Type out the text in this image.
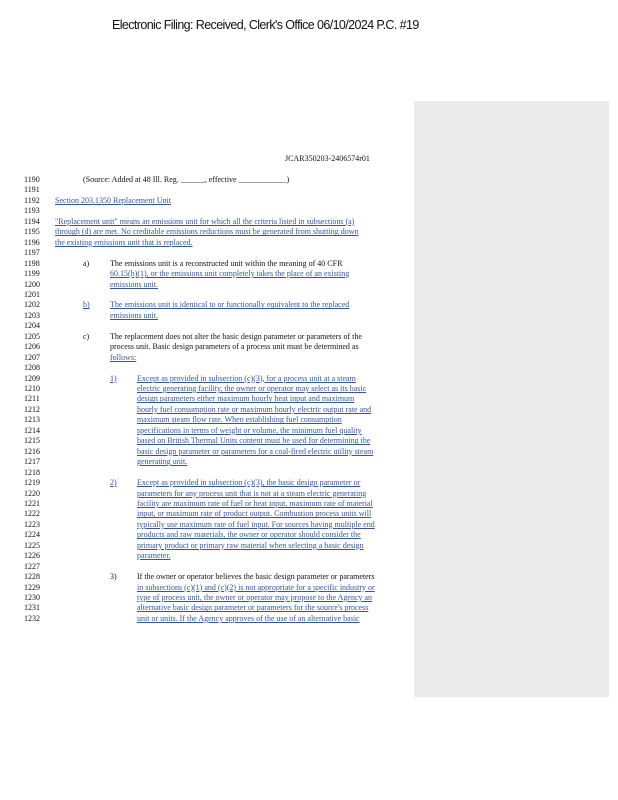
Electronic Filing: Received, Clerk's Office 06/10/2024 P.C. #19
JCAR350203-2406574r01
1190	(Source: Added at 48 Ill. Reg. ______, effective ____________)
1191
1192	Section 203.1350 Replacement Unit
1193
1194	"Replacement unit" means an emissions unit for which all the criteria listed in subsections (a)
1195	through (d) are met. No creditable emissions reductions must be generated from shutting down
1196	the existing emissions unit that is replaced.
1197
1198	a)	The emissions unit is a reconstructed unit within the meaning of 40 CFR
1199	60.15(b)(1), or the emissions unit completely takes the place of an existing
1200	emissions unit.
1201
1202	b)	The emissions unit is identical to or functionally equivalent to the replaced
1203	emissions unit.
1204
1205	c)	The replacement does not alter the basic design parameter or parameters of the
1206	process unit. Basic design parameters of a process unit must be determined as
1207	follows:
1208
1209	1)	Except as provided in subsection (c)(3), for a process unit at a steam
1210	electric generating facility, the owner or operator may select as its basic
1211	design parameters either maximum hourly heat input and maximum
1212	hourly fuel consumption rate or maximum hourly electric output rate and
1213	maximum steam flow rate. When establishing fuel consumption
1214	specifications in terms of weight or volume, the minimum fuel quality
1215	based on British Thermal Units content must be used for determining the
1216	basic design parameter or parameters for a coal-fired electric utility steam
1217	generating unit.
1218
1219	2)	Except as provided in subsection (c)(3), the basic design parameter or
1220	parameters for any process unit that is not at a steam electric generating
1221	facility are maximum rate of fuel or heat input, maximum rate of material
1222	input, or maximum rate of product output. Combustion process units will
1223	typically use maximum rate of fuel input. For sources having multiple end
1224	products and raw materials, the owner or operator should consider the
1225	primary product or primary raw material when selecting a basic design
1226	parameter.
1227
1228	3)	If the owner or operator believes the basic design parameter or parameters
1229	in subsections (c)(1) and (c)(2) is not appropriate for a specific industry or
1230	type of process unit, the owner or operator may propose to the Agency an
1231	alternative basic design parameter or parameters for the source's process
1232	unit or units. If the Agency approves of the use of an alternative basic
